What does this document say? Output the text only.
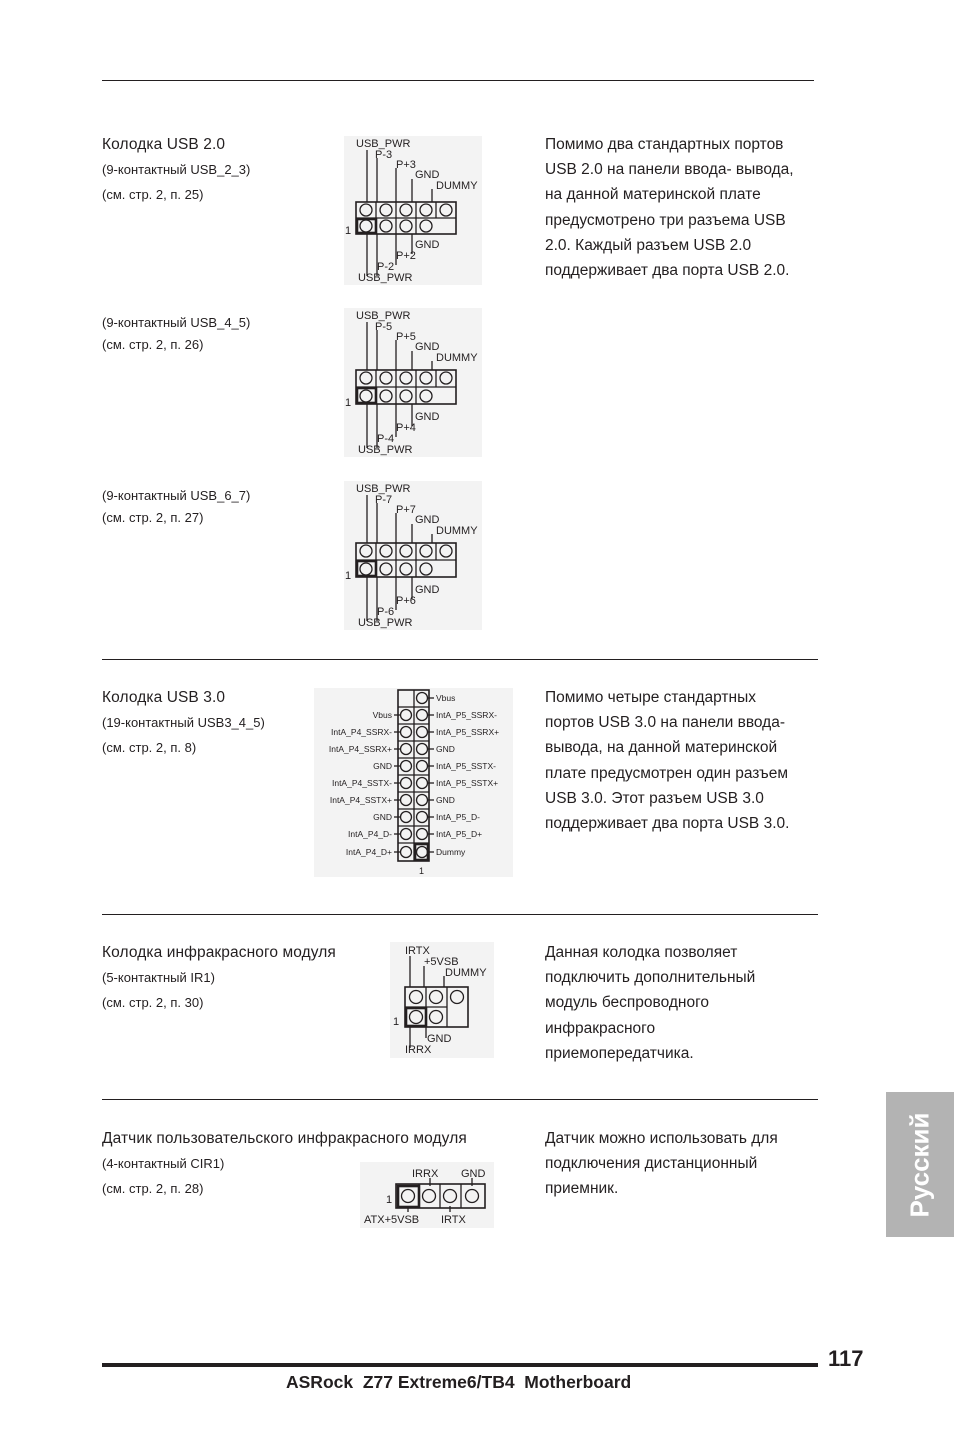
Колодка USB 2.0
(9-контактный USB_2_3)
(см. стр. 2, п. 25)
Помимо два стандартных портов
USB 2.0 на панели ввода- вывода,
на данной материнской плате
предусмотрено три разъема USB
2.0. Каждый разъем USB 2.0
поддерживает два порта USB 2.0.
USB_PWR
P-3
P+3
GND
DUMMY
1
GND
P+2
P-2
USB_PWR
(9-контактный USB_4_5)
(см. стр. 2, п. 26)
USB_PWR
P-5
P+5
GND
DUMMY
1
GND
P+4
P-4
USB_PWR
(9-контактный USB_6_7)
(см. стр. 2, п. 27)
USB_PWR
P-7
P+7
GND
DUMMY
1
GND
P+6
P-6
USB_PWR
Колодка USB 3.0
(19-контактный USB3_4_5)
(см. стр. 2, п. 8)
Помимо четыре стандартных
портов USB 3.0 на панели ввода-
вывода, на данной материнской
плате предусмотрен один разъем
USB 3.0. Этот разъем USB 3.0
поддерживает два порта USB 3.0.
Vbus
IntA_P4_SSRX-
IntA_P4_SSRX+
GND
IntA_P4_SSTX-
IntA_P4_SSTX+
GND
IntA_P4_D-
IntA_P4_D+
Vbus
IntA_P5_SSRX-
IntA_P5_SSRX+
GND
IntA_P5_SSTX-
IntA_P5_SSTX+
GND
IntA_P5_D-
IntA_P5_D+
Dummy
1
Колодка инфракрасного модуля
(5-контактный IR1)
(см. стр. 2, п. 30)
Данная колодка позволяет
подключить дополнительный
модуль беспроводного
инфракрасного
приемопередатчика.
IRTX
+5VSB
DUMMY
1
GND
IRRX
Датчик пользовательского инфракрасного модуля
(4-контактный CIR1)
(см. стр. 2, п. 28)
Датчик можно использовать для
подключения дистанционный
приемник.
IRRX GND
1
ATX+5VSB IRTX
Русский
117
ASRock  Z77 Extreme6/TB4  Motherboard
